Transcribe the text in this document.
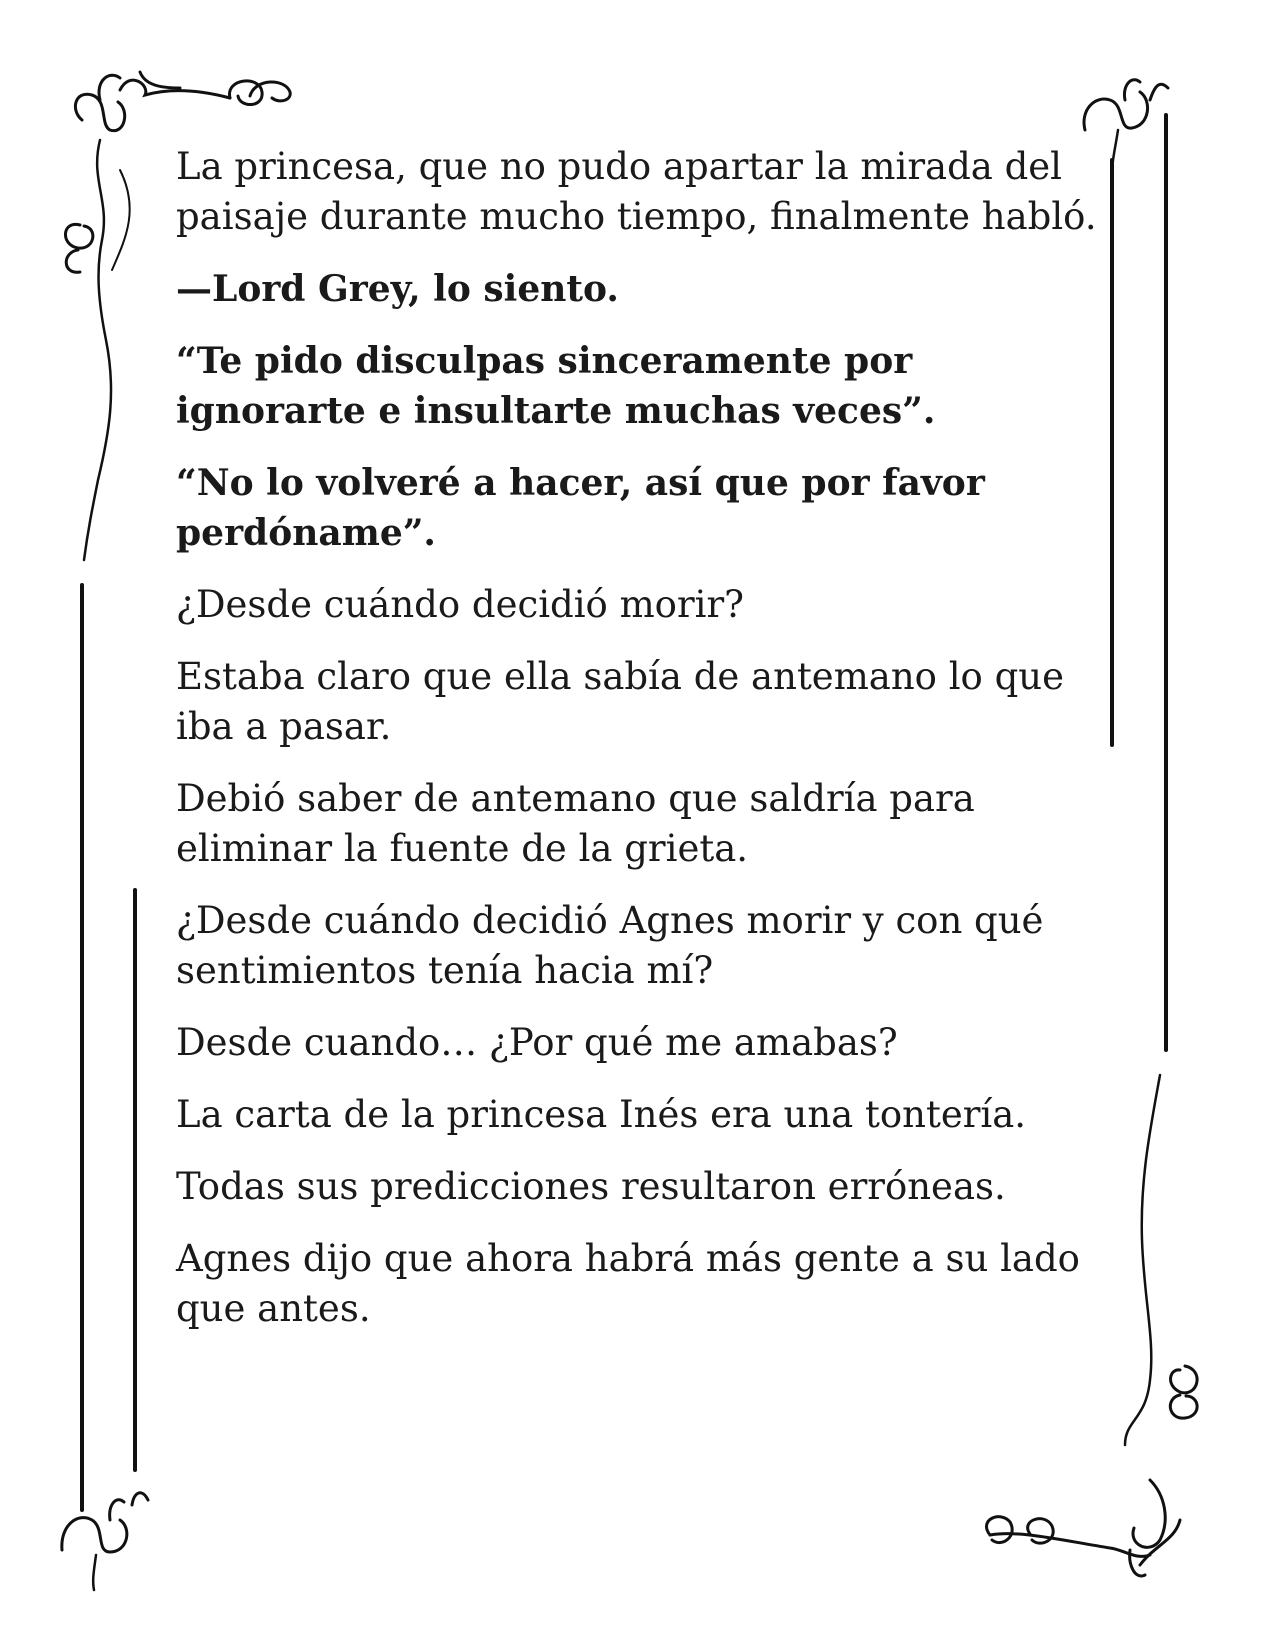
La princesa, que no pudo apartar la mirada del paisaje durante mucho tiempo, finalmente habló.

—Lord Grey, lo siento.

“Te pido disculpas sinceramente por ignorarte e insultarte muchas veces”.

“No lo volveré a hacer, así que por favor perdóname”.

¿Desde cuándo decidió morir?

Estaba claro que ella sabía de antemano lo que iba a pasar.

Debió saber de antemano que saldría para eliminar la fuente de la grieta.

¿Desde cuándo decidió Agnes morir y con qué sentimientos tenía hacia mí?

Desde cuando… ¿Por qué me amabas?

La carta de la princesa Inés era una tontería.

Todas sus predicciones resultaron erróneas.

Agnes dijo que ahora habrá más gente a su lado que antes.
